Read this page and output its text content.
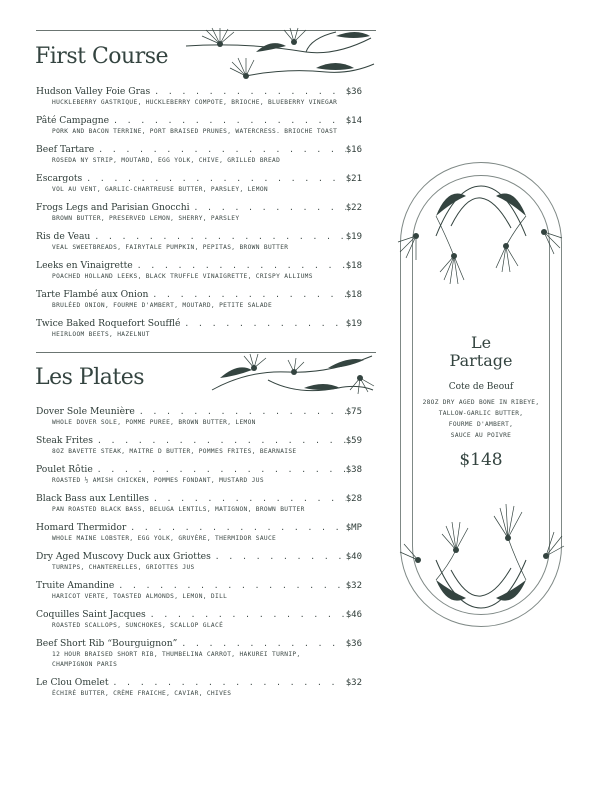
First Course
Hudson Valley Foie Gras . . .	$36
HUCKLEBERRY GASTRIQUE, HUCKLEBERRY COMPOTE, BRIOCHE, BLUEBERRY VINEGAR
Pâté Campagne . . .	$14
PORK AND BACON TERRINE, PORT BRAISED PRUNES, WATERCRESS. BRIOCHE TOAST
Beef Tartare . . .	$16
ROSEDA NY STRIP, MOUTARD, EGG YOLK, CHIVE, GRILLED BREAD
Escargots . . .	$21
VOL AU VENT, GARLIC-CHARTREUSE BUTTER, PARSLEY, LEMON
Frogs Legs and Parisian Gnocchi . . .	$22
BROWN BUTTER, PRESERVED LEMON, SHERRY, PARSLEY
Ris de Veau . . .	$19
VEAL SWEETBREADS, FAIRYTALE PUMPKIN, PEPITAS, BROWN BUTTER
Leeks en Vinaigrette . . .	$18
POACHED HOLLAND LEEKS, BLACK TRUFFLE VINAIGRETTE, CRISPY ALLIUMS
Tarte Flambé aux Onion . . .	$18
BRULÉED ONION, FOURME D'AMBERT, MOUTARD, PETITE SALADE
Twice Baked Roquefort Soufflé . . .	$19
HEIRLOOM BEETS, HAZELNUT
Les Plates
Dover Sole Meunière . . .	$75
WHOLE DOVER SOLE, POMME PUREE, BROWN BUTTER, LEMON
Steak Frites . . .	$59
8OZ BAVETTE STEAK, MAITRE D BUTTER, POMMES FRITES, BEARNAISE
Poulet Rôtie . . .	$38
ROASTED ½ AMISH CHICKEN, POMMES FONDANT, MUSTARD JUS
Black Bass aux Lentilles . . .	$28
PAN ROASTED BLACK BASS, BELUGA LENTILS, MATIGNON, BROWN BUTTER
Homard Thermidor . . .	$MP
WHOLE MAINE LOBSTER, EGG YOLK, GRUYÈRE, THERMIDOR SAUCE
Dry Aged Muscovy Duck aux Griottes . . .	$40
TURNIPS, CHANTERELLES, GRIOTTES JUS
Truite Amandine . . .	$32
HARICOT VERTE, TOASTED ALMONDS, LEMON, DILL
Coquilles Saint Jacques . . .	$46
ROASTED SCALLOPS, SUNCHOKES, SCALLOP GLACÉ
Beef Short Rib “Bourguignon” . . .	$36
12 HOUR BRAISED SHORT RIB, THUMBELINA CARROT, HAKUREI TURNIP, CHAMPIGNON PARIS
Le Clou Omelet . . .	$32
ÉCHIRÉ BUTTER, CRÈME FRAICHE, CAVIAR, CHIVES
Le
Partage
Cote de Beouf
28OZ DRY AGED BONE IN RIBEYE,
TALLOW-GARLIC BUTTER,
FOURME D'AMBERT,
SAUCE AU POIVRE
$148
